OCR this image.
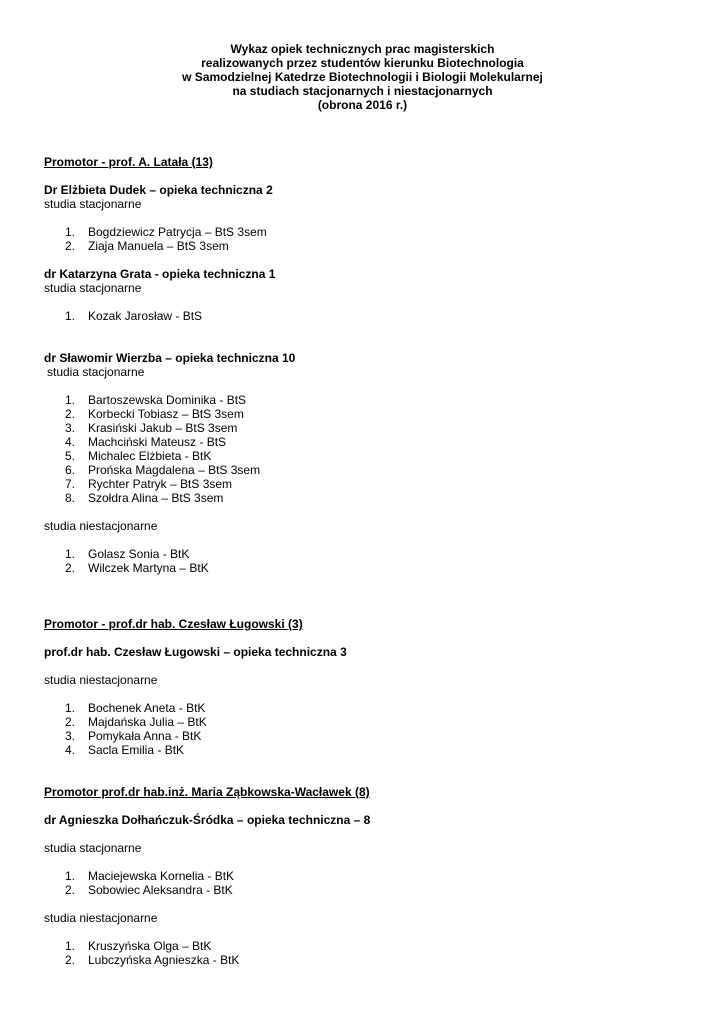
Wykaz opiek technicznych prac magisterskich
realizowanych przez studentów kierunku Biotechnologia
w Samodzielnej Katedrze Biotechnologii i Biologii Molekularnej
na studiach stacjonarnych i niestacjonarnych
(obrona 2016 r.)
Promotor - prof. A. Latała (13)
Dr Elżbieta Dudek – opieka techniczna 2
studia stacjonarne
1.	Bogdziewicz Patrycja – BtS 3sem
2.	Ziaja Manuela – BtS 3sem
dr Katarzyna Grata - opieka techniczna 1
studia stacjonarne
1.	Kozak Jarosław - BtS
dr Sławomir Wierzba – opieka techniczna 10
studia stacjonarne
1.	Bartoszewska Dominika - BtS
2.	Korbecki Tobiasz – BtS 3sem
3.	Krasiński Jakub – BtS 3sem
4.	Machciński Mateusz - BtS
5.	Michalec Elżbieta - BtK
6.	Prońska Magdalena – BtS 3sem
7.	Rychter Patryk – BtS 3sem
8.	Szołdra Alina – BtS 3sem
studia niestacjonarne
1.	Golasz Sonia - BtK
2.	Wilczek Martyna – BtK
Promotor - prof.dr hab. Czesław Ługowski (3)
prof.dr hab. Czesław Ługowski – opieka techniczna 3
studia niestacjonarne
1.	Bochenek Aneta - BtK
2.	Majdańska Julia – BtK
3.	Pomykała Anna - BtK
4.	Sacla Emilia - BtK
Promotor prof.dr hab.inż. Maria Ząbkowska-Wacławek (8)
dr Agnieszka Dołhańczuk-Śródka – opieka techniczna – 8
studia stacjonarne
1.	Maciejewska Kornelia - BtK
2.	Sobowiec Aleksandra - BtK
studia niestacjonarne
1.	Kruszyńska Olga – BtK
2.	Lubczyńska Agnieszka - BtK
